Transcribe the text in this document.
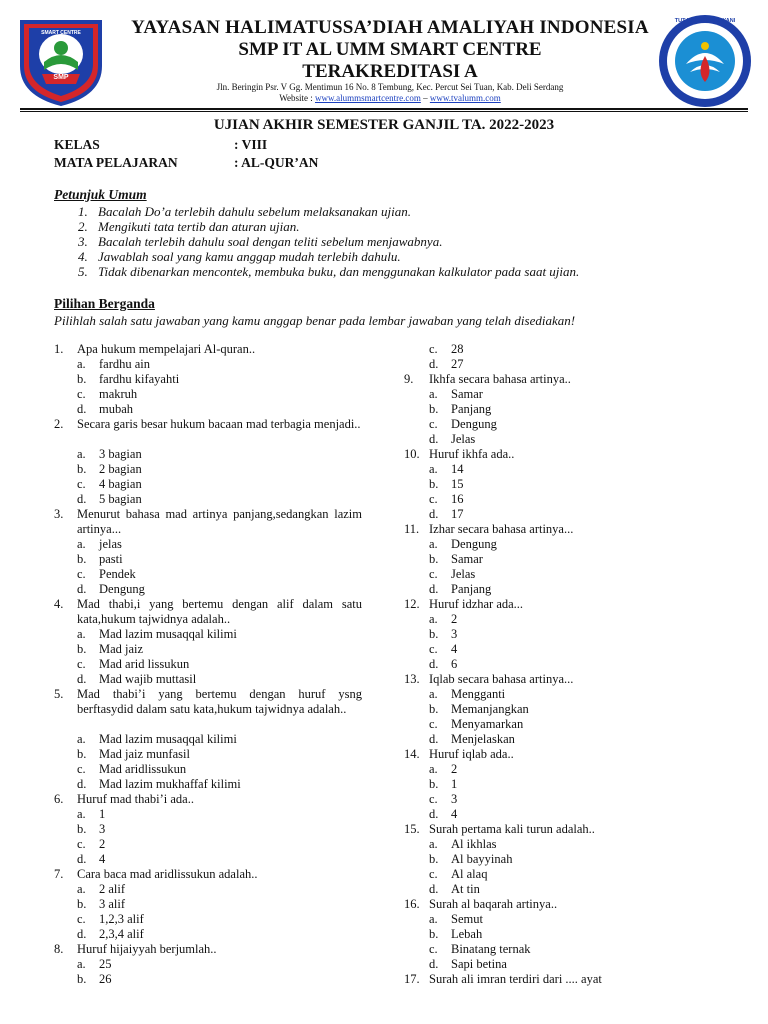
SMART CENTRE
SMP
TUT WURI HANDAYANI
YAYASAN HALIMATUSSA’DIAH AMALIYAH INDONESIA
SMP IT AL UMM SMART CENTRE
TERAKREDITASI A
Jln. Beringin Psr. V Gg. Mentimun 16 No. 8 Tembung, Kec. Percut Sei Tuan, Kab. Deli Serdang
Website : www.alummsmartcentre.com – www.tvalumm.com
UJIAN AKHIR SEMESTER GANJIL TA. 2022-2023
KELAS	: VIII
MATA PELAJARAN	: AL-QUR’AN
Petunjuk Umum
1. Bacalah Do’a terlebih dahulu sebelum melaksanakan ujian.
2. Mengikuti tata tertib dan aturan ujian.
3. Bacalah terlebih dahulu soal dengan teliti sebelum menjawabnya.
4. Jawablah soal yang kamu anggap mudah terlebih dahulu.
5. Tidak dibenarkan mencontek, membuka buku, dan menggunakan kalkulator pada saat ujian.
Pilihan Berganda
Pilihlah salah satu jawaban yang kamu anggap benar pada lembar jawaban yang telah disediakan!
1. Apa hukum mempelajari Al-quran..
a. fardhu ain
b. fardhu kifayahti
c. makruh
d. mubah
2. Secara garis besar hukum bacaan mad terbagia menjadi..
a. 3 bagian
b. 2 bagian
c. 4 bagian
d. 5 bagian
3. Menurut bahasa mad artinya panjang,sedangkan lazim artinya...
a. jelas
b. pasti
c. Pendek
d. Dengung
4. Mad thabi,i yang bertemu dengan alif dalam satu kata,hukum tajwidnya adalah..
a. Mad lazim musaqqal kilimi
b. Mad jaiz
c. Mad arid lissukun
d. Mad wajib muttasil
5. Mad thabi’i yang bertemu dengan huruf ysng berftasydid dalam satu kata,hukum tajwidnya adalah..
a. Mad lazim musaqqal kilimi
b. Mad jaiz munfasil
c. Mad aridlissukun
d. Mad lazim mukhaffaf kilimi
6. Huruf mad thabi’i ada..
a. 1
b. 3
c. 2
d. 4
7. Cara baca mad aridlissukun adalah..
a. 2 alif
b. 3 alif
c. 1,2,3 alif
d. 2,3,4 alif
8. Huruf hijaiyyah berjumlah..
a. 25
b. 26
c. 28
d. 27
9. Ikhfa secara bahasa artinya..
a. Samar
b. Panjang
c. Dengung
d. Jelas
10. Huruf ikhfa ada..
a. 14
b. 15
c. 16
d. 17
11. Izhar secara bahasa artinya...
a. Dengung
b. Samar
c. Jelas
d. Panjang
12. Huruf idzhar ada...
a. 2
b. 3
c. 4
d. 6
13. Iqlab secara bahasa artinya...
a. Mengganti
b. Memanjangkan
c. Menyamarkan
d. Menjelaskan
14. Huruf iqlab ada..
a. 2
b. 1
c. 3
d. 4
15. Surah pertama kali turun adalah..
a. Al ikhlas
b. Al bayyinah
c. Al alaq
d. At tin
16. Surah al baqarah artinya..
a. Semut
b. Lebah
c. Binatang ternak
d. Sapi betina
17. Surah ali imran terdiri dari .... ayat
